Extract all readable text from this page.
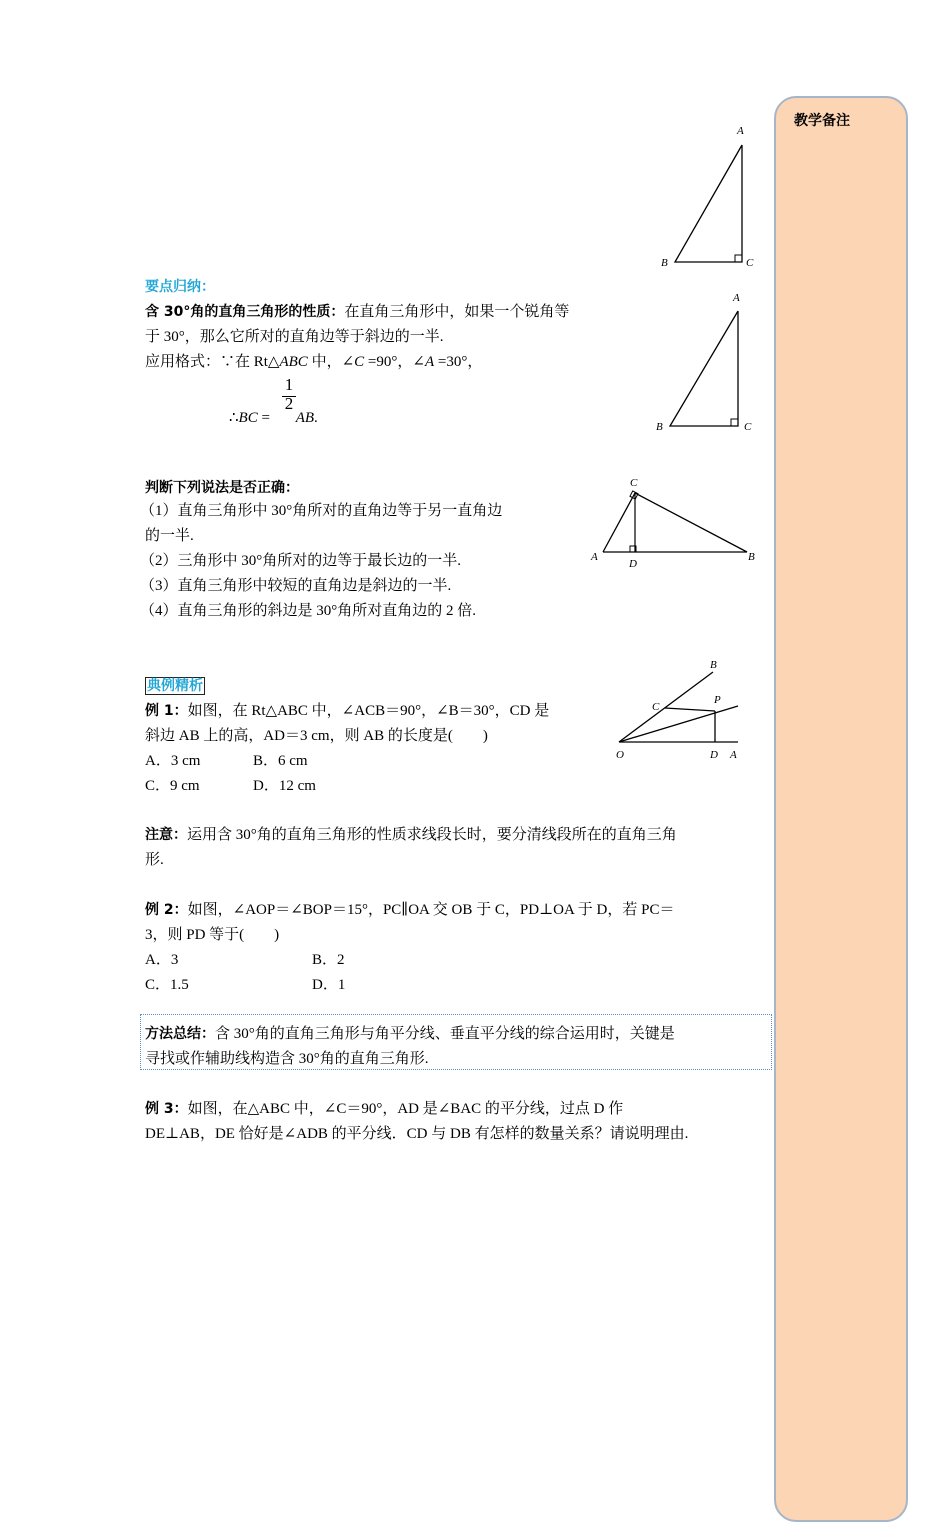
教学备注
A
B	C
A
B	C
C
A
D
B
B
C
P
O	D A
要点归纳：
含 30°角的直角三角形的性质：在直角三角形中，如果一个锐角等
于 30°，那么它所对的直角边等于斜边的一半.
应用格式：∵在 Rt△ABC 中，∠C =90°，∠A =30°，
∴BC = AB.
1
2
判断下列说法是否正确：
（1）直角三角形中 30°角所对的直角边等于另一直角边
的一半.
（2）三角形中 30°角所对的边等于最长边的一半.
（3）直角三角形中较短的直角边是斜边的一半.
（4）直角三角形的斜边是 30°角所对直角边的 2 倍.
典例精析
例 1：如图，在 Rt△ABC 中，∠ACB＝90°，∠B＝30°，CD 是
斜边 AB 上的高，AD＝3 cm，则 AB 的长度是(　　)
A．3 cm	B．6 cm
C．9 cm	D．12 cm
注意：运用含 30°角的直角三角形的性质求线段长时，要分清线段所在的直角三角
形.
例 2：如图，∠AOP＝∠BOP＝15°，PC∥OA 交 OB 于 C，PD⊥OA 于 D，若 PC＝
3，则 PD 等于(　　)
A．3	B．2
C．1.5	D．1
方法总结：含 30°角的直角三角形与角平分线、垂直平分线的综合运用时，关键是
寻找或作辅助线构造含 30°角的直角三角形.
例 3：如图，在△ABC 中，∠C＝90°，AD 是∠BAC 的平分线，过点 D 作
DE⊥AB，DE 恰好是∠ADB 的平分线．CD 与 DB 有怎样的数量关系？请说明理由.
